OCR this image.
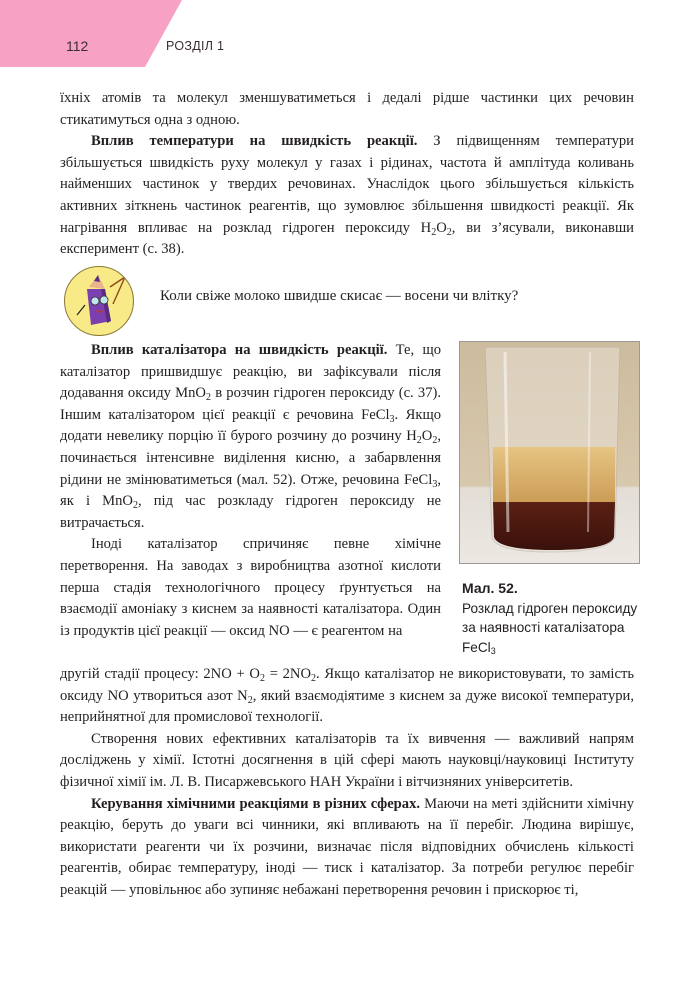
112	РОЗДІЛ 1

їхніх атомів та молекул зменшуватиметься і дедалі рідше частинки цих речовин стикатимуться одна з одною.

Вплив температури на швидкість реакції. З підвищенням температури збільшується швидкість руху молекул у газах і рідинах, частота й амплітуда коливань найменших частинок у твердих речовинах. Унаслідок цього збільшується кількість активних зіткнень частинок реагентів, що зумовлює збільшення швидкості реакції. Як нагрівання впливає на розклад гідроген пероксиду $H_2O_2$, ви з’ясували, виконавши експеримент (с. 38).

Коли свіже молоко швидше скисає — восени чи влітку?

Вплив каталізатора на швидкість реакції. Те, що каталізатор пришвидшує реакцію, ви зафіксували після додавання оксиду MnO$_2$ в розчин гідроген пероксиду (с. 37). Іншим каталізатором цієї реакції є речовина FeCl$_3$. Якщо додати невелику порцію її бурого розчину до розчину $H_2O_2$, починається інтенсивне виділення кисню, а забарвлення рідини не змінюватиметься (мал. 52). Отже, речовина FeCl$_3$, як і MnO$_2$, під час розкладу гідроген пероксиду не витрачається.

Іноді каталізатор спричиняє певне хімічне перетворення. На заводах з виробництва азотної кислоти перша стадія технологічного процесу ґрунтується на взаємодії амоніаку з киснем за наявності каталізатора. Один із продуктів цієї реакції — оксид NO — є реагентом на

Мал. 52.
Розклад гідроген пероксиду за наявності каталізатора FeCl$_3$

другій стадії процесу: $2NO + O_2 = 2NO_2$. Якщо каталізатор не використовувати, то замість оксиду NO утвориться азот $N_2$, який взаємодіятиме з киснем за дуже високої температури, неприйнятної для промислової технології.

Створення нових ефективних каталізаторів та їх вивчення — важливий напрям досліджень у хімії. Істотні досягнення в цій сфері мають науковці/науковиці Інституту фізичної хімії ім. Л. В. Писаржевського НАН України і вітчизняних університетів.

Керування хімічними реакціями в різних сферах. Маючи на меті здійснити хімічну реакцію, беруть до уваги всі чинники, які впливають на її перебіг. Людина вирішує, використати реагенти чи їх розчини, визначає після відповідних обчислень кількості реагентів, обирає температуру, іноді — тиск і каталізатор. За потреби регулює перебіг реакцій — уповільнює або зупиняє небажані перетворення речовин і прискорює ті,
